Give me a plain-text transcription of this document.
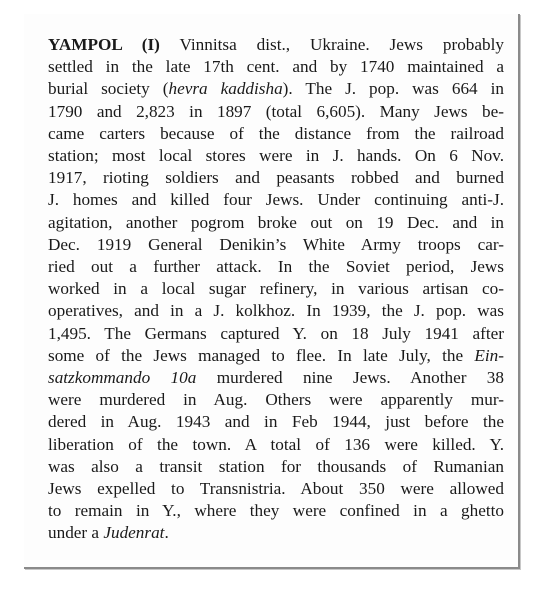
YAMPOL (I) Vinnitsa dist., Ukraine. Jews probably
settled in the late 17th cent. and by 1740 maintained a
burial society (hevra kaddisha). The J. pop. was 664 in
1790 and 2,823 in 1897 (total 6,605). Many Jews be-
came carters because of the distance from the railroad
station; most local stores were in J. hands. On 6 Nov.
1917, rioting soldiers and peasants robbed and burned
J. homes and killed four Jews. Under continuing anti-J.
agitation, another pogrom broke out on 19 Dec. and in
Dec. 1919 General Denikin’s White Army troops car-
ried out a further attack. In the Soviet period, Jews
worked in a local sugar refinery, in various artisan co-
operatives, and in a J. kolkhoz. In 1939, the J. pop. was
1,495. The Germans captured Y. on 18 July 1941 after
some of the Jews managed to flee. In late July, the Ein-
satzkommando 10a murdered nine Jews. Another 38
were murdered in Aug. Others were apparently mur-
dered in Aug. 1943 and in Feb 1944, just before the
liberation of the town. A total of 136 were killed. Y.
was also a transit station for thousands of Rumanian
Jews expelled to Transnistria. About 350 were allowed
to remain in Y., where they were confined in a ghetto
under a Judenrat.
